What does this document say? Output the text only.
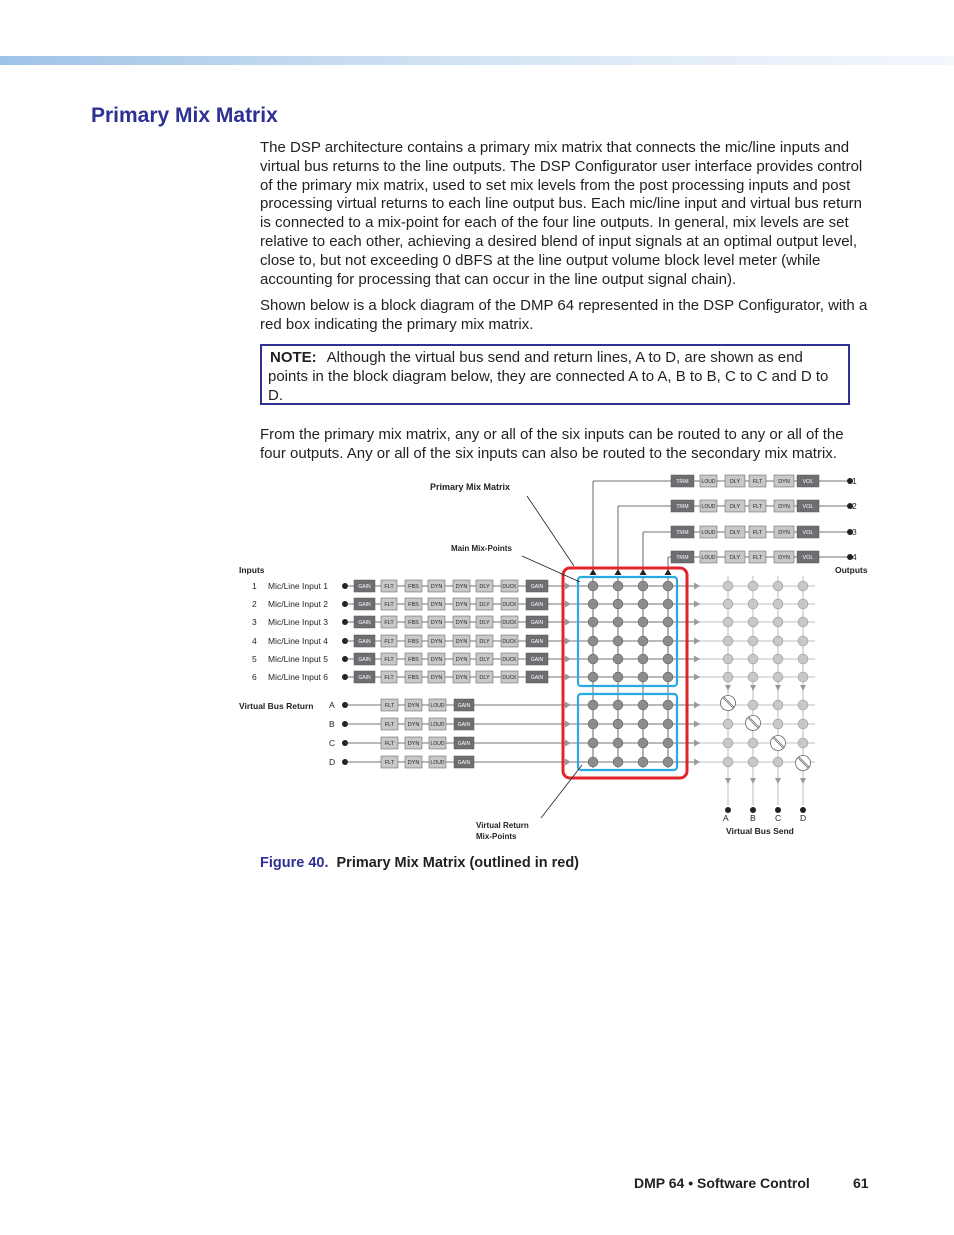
Primary Mix Matrix

The DSP architecture contains a primary mix matrix that connects the mic/line inputs and virtual bus returns to the line outputs. The DSP Configurator user interface provides control of the primary mix matrix, used to set mix levels from the post processing inputs and post processing virtual returns to each line output bus. Each mic/line input and virtual bus return is connected to a mix-point for each of the four line outputs. In general, mix levels are set relative to each other, achieving a desired blend of input signals at an optimal output level, close to, but not exceeding 0 dBFS at the line output volume block level meter (while accounting for processing that can occur in the line output signal chain).

Shown below is a block diagram of the DMP 64 represented in the DSP Configurator, with a red box indicating the primary mix matrix.

NOTE: Although the virtual bus send and return lines, A to D, are shown as end points in the block diagram below, they are connected A to A, B to B, C to C and D to D.

From the primary mix matrix, any or all of the six inputs can be routed to any or all of the four outputs. Any or all of the six inputs can also be routed to the secondary mix matrix.

GAIN FLT	FBS DYN DYN DLY	DUCK	GAIN
GAIN FLT	FBS DYN DYN DLY	DUCK	GAIN
GAIN FLT	FBS DYN DYN DLY	DUCK	GAIN
GAIN FLT	FBS DYN DYN DLY	DUCK	GAIN
GAIN FLT	FBS DYN DYN DLY	DUCK	GAIN
GAIN FLT	FBS DYN DYN DLY	DUCK	GAIN
FLT DYN LOUD	GAIN
FLT DYN LOUD	GAIN
FLT DYN LOUD	GAIN
FLT DYN LOUD	GAIN
TRIM	LOUD	DLY FLT	DYN VOL
TRIM	LOUD	DLY FLT	DYN VOL
TRIM	LOUD	DLY FLT	DYN VOL
TRIM	LOUD	DLY FLT	DYN VOL
Primary Mix Matrix
Main Mix-Points
Virtual Return
Mix-Points
Inputs
Virtual Bus Return
Outputs
Virtual Bus Send
1 Mic/Line Input 1
2 Mic/Line Input 2
3 Mic/Line Input 3
4 Mic/Line Input 4
5 Mic/Line Input 5
6 Mic/Line Input 6
A
B
C
D
1
2
3
4
A	B C D

Figure 40. Primary Mix Matrix (outlined in red)

DMP 64 • Software Control	61
